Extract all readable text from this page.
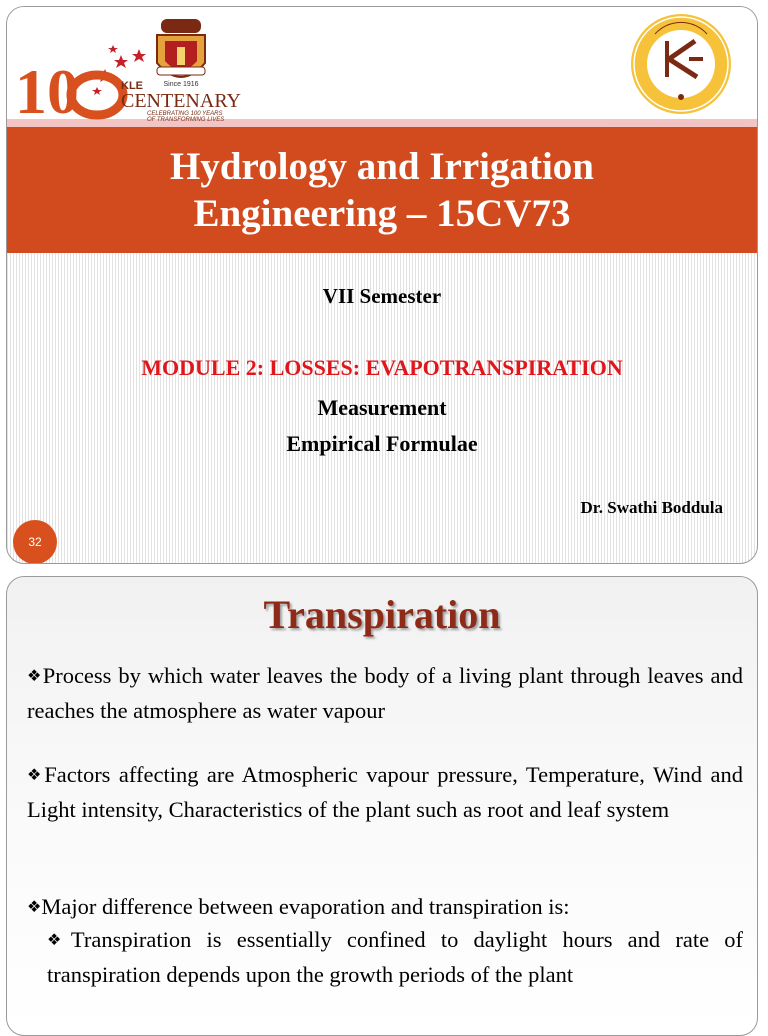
Since 1916
10	KLE
CENTENARY
CELEBRATING 100 YEARS
OF TRANSFORMING LIVES
Hydrology and Irrigation
Engineering – 15CV73
VII Semester
MODULE 2: LOSSES: EVAPOTRANSPIRATION
Measurement
Empirical Formulae
Dr. Swathi Boddula
32
Transpiration
❖Process by which water leaves the body of a living plant through leaves and reaches the atmosphere as water vapour
❖Factors affecting are Atmospheric vapour pressure, Temperature, Wind and Light intensity, Characteristics of the plant such as root and leaf system
❖Major difference between evaporation and transpiration is:
❖Transpiration is essentially confined to daylight hours and rate of transpiration depends upon the growth periods of the plant
